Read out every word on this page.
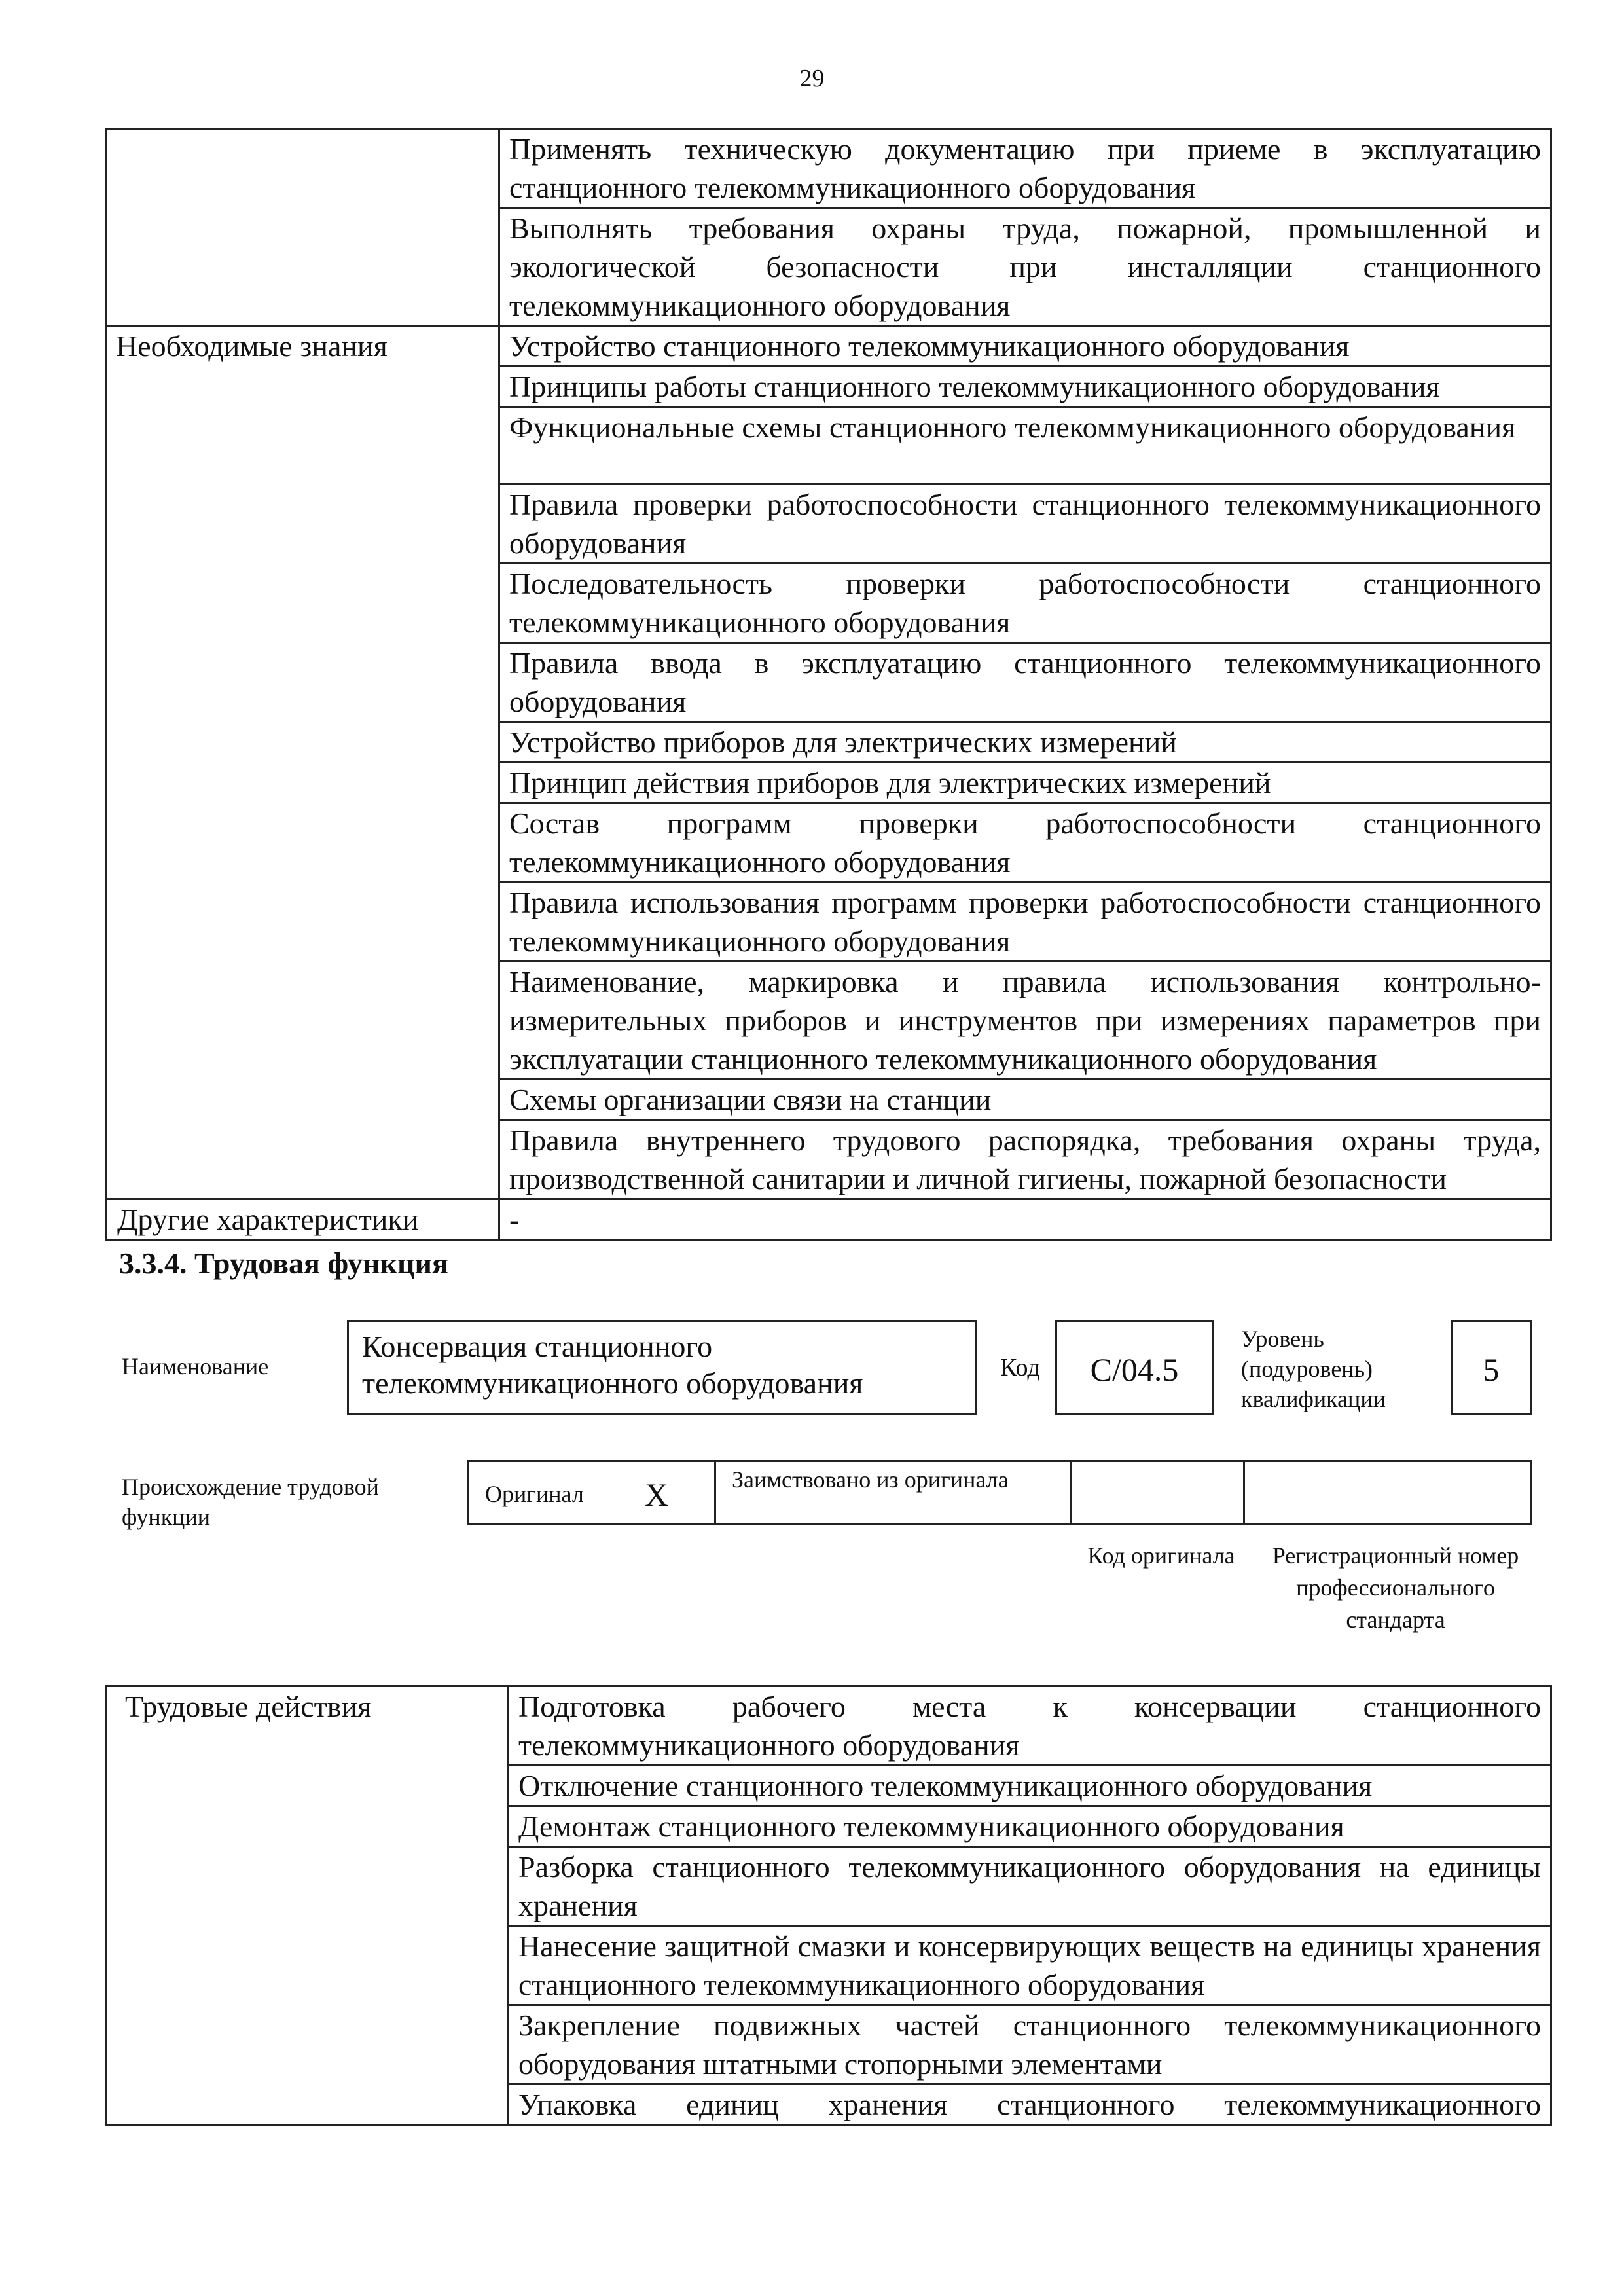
29
	Применять техническую документацию при приеме в эксплуатацию станционного телекоммуникационного оборудования
	Выполнять требования охраны труда, пожарной, промышленной и экологической безопасности при инсталляции станционного телекоммуникационного оборудования
Необходимые знания	Устройство станционного телекоммуникационного оборудования
	Принципы работы станционного телекоммуникационного оборудования
	Функциональные схемы станционного телекоммуникационного оборудования
	Правила проверки работоспособности станционного телекоммуникационного оборудования
	Последовательность проверки работоспособности станционного телекоммуникационного оборудования
	Правила ввода в эксплуатацию станционного телекоммуникационного оборудования
	Устройство приборов для электрических измерений
	Принцип действия приборов для электрических измерений
	Состав программ проверки работоспособности станционного телекоммуникационного оборудования
	Правила использования программ проверки работоспособности станционного телекоммуникационного оборудования
	Наименование, маркировка и правила использования контрольно-измерительных приборов и инструментов при измерениях параметров при эксплуатации станционного телекоммуникационного оборудования
	Схемы организации связи на станции
	Правила внутреннего трудового распорядка, требования охраны труда, производственной санитарии и личной гигиены, пожарной безопасности
Другие характеристики	-
3.3.4. Трудовая функция
Наименование
Консервация станционного телекоммуникационного оборудования	Код	С/04.5
Уровень (подуровень) квалификации
5
Происхождение трудовой функции
Оригинал X	Заимствовано из оригинала
Код оригинала	Регистрационный номер профессионального стандарта
Трудовые действия	Подготовка рабочего места к консервации станционного телекоммуникационного оборудования
Отключение станционного телекоммуникационного оборудования
Демонтаж станционного телекоммуникационного оборудования
Разборка станционного телекоммуникационного оборудования на единицы хранения
Нанесение защитной смазки и консервирующих веществ на единицы хранения станционного телекоммуникационного оборудования
Закрепление подвижных частей станционного телекоммуникационного оборудования штатными стопорными элементами
Упаковка единиц хранения станционного телекоммуникационного
